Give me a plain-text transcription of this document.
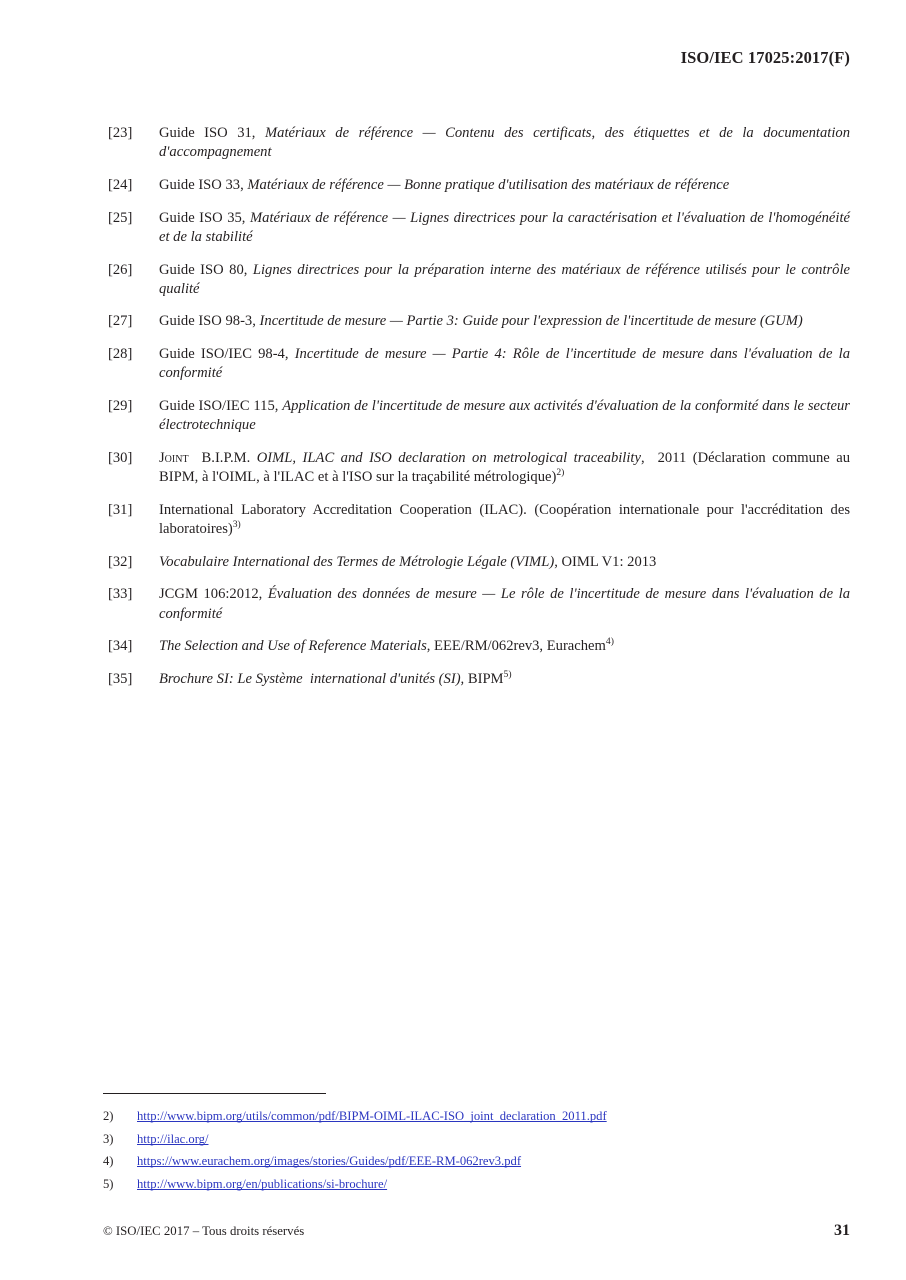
ISO/IEC 17025:2017(F)
[23]	Guide ISO 31, Matériaux de référence — Contenu des certificats, des étiquettes et de la documentation d'accompagnement
[24]	Guide ISO 33, Matériaux de référence — Bonne pratique d'utilisation des matériaux de référence
[25]	Guide ISO 35, Matériaux de référence — Lignes directrices pour la caractérisation et l'évaluation de l'homogénéité et de la stabilité
[26]	Guide ISO 80, Lignes directrices pour la préparation interne des matériaux de référence utilisés pour le contrôle qualité
[27]	Guide ISO 98-3, Incertitude de mesure — Partie 3: Guide pour l'expression de l'incertitude de mesure (GUM)
[28]	Guide ISO/IEC 98-4, Incertitude de mesure — Partie 4: Rôle de l'incertitude de mesure dans l'évaluation de la conformité
[29]	Guide ISO/IEC 115, Application de l'incertitude de mesure aux activités d'évaluation de la conformité dans le secteur électrotechnique
[30]	Joint  B.I.P.M. OIML, ILAC and ISO declaration on metrological traceability,  2011 (Déclaration commune au BIPM, à l'OIML, à l'ILAC et à l'ISO sur la traçabilité métrologique)$^{2)}$
[31]	International Laboratory Accreditation Cooperation (ILAC). (Coopération internationale pour l'accréditation des laboratoires)$^{3)}$
[32]	Vocabulaire International des Termes de Métrologie Légale (VIML), OIML V1: 2013
[33]	JCGM 106:2012, Évaluation des données de mesure — Le rôle de l'incertitude de mesure dans l'évaluation de la conformité
[34]	The Selection and Use of Reference Materials, EEE/RM/062rev3, Eurachem$^{4)}$
[35]	Brochure SI: Le Système  international d'unités (SI), BIPM$^{5)}$
2)	http://www.bipm.org/utils/common/pdf/BIPM-OIML-ILAC-ISO_joint_declaration_2011.pdf
3)	http://ilac.org/
4)	https://www.eurachem.org/images/stories/Guides/pdf/EEE-RM-062rev3.pdf
5)	http://www.bipm.org/en/publications/si-brochure/
© ISO/IEC 2017 – Tous droits réservés	31
